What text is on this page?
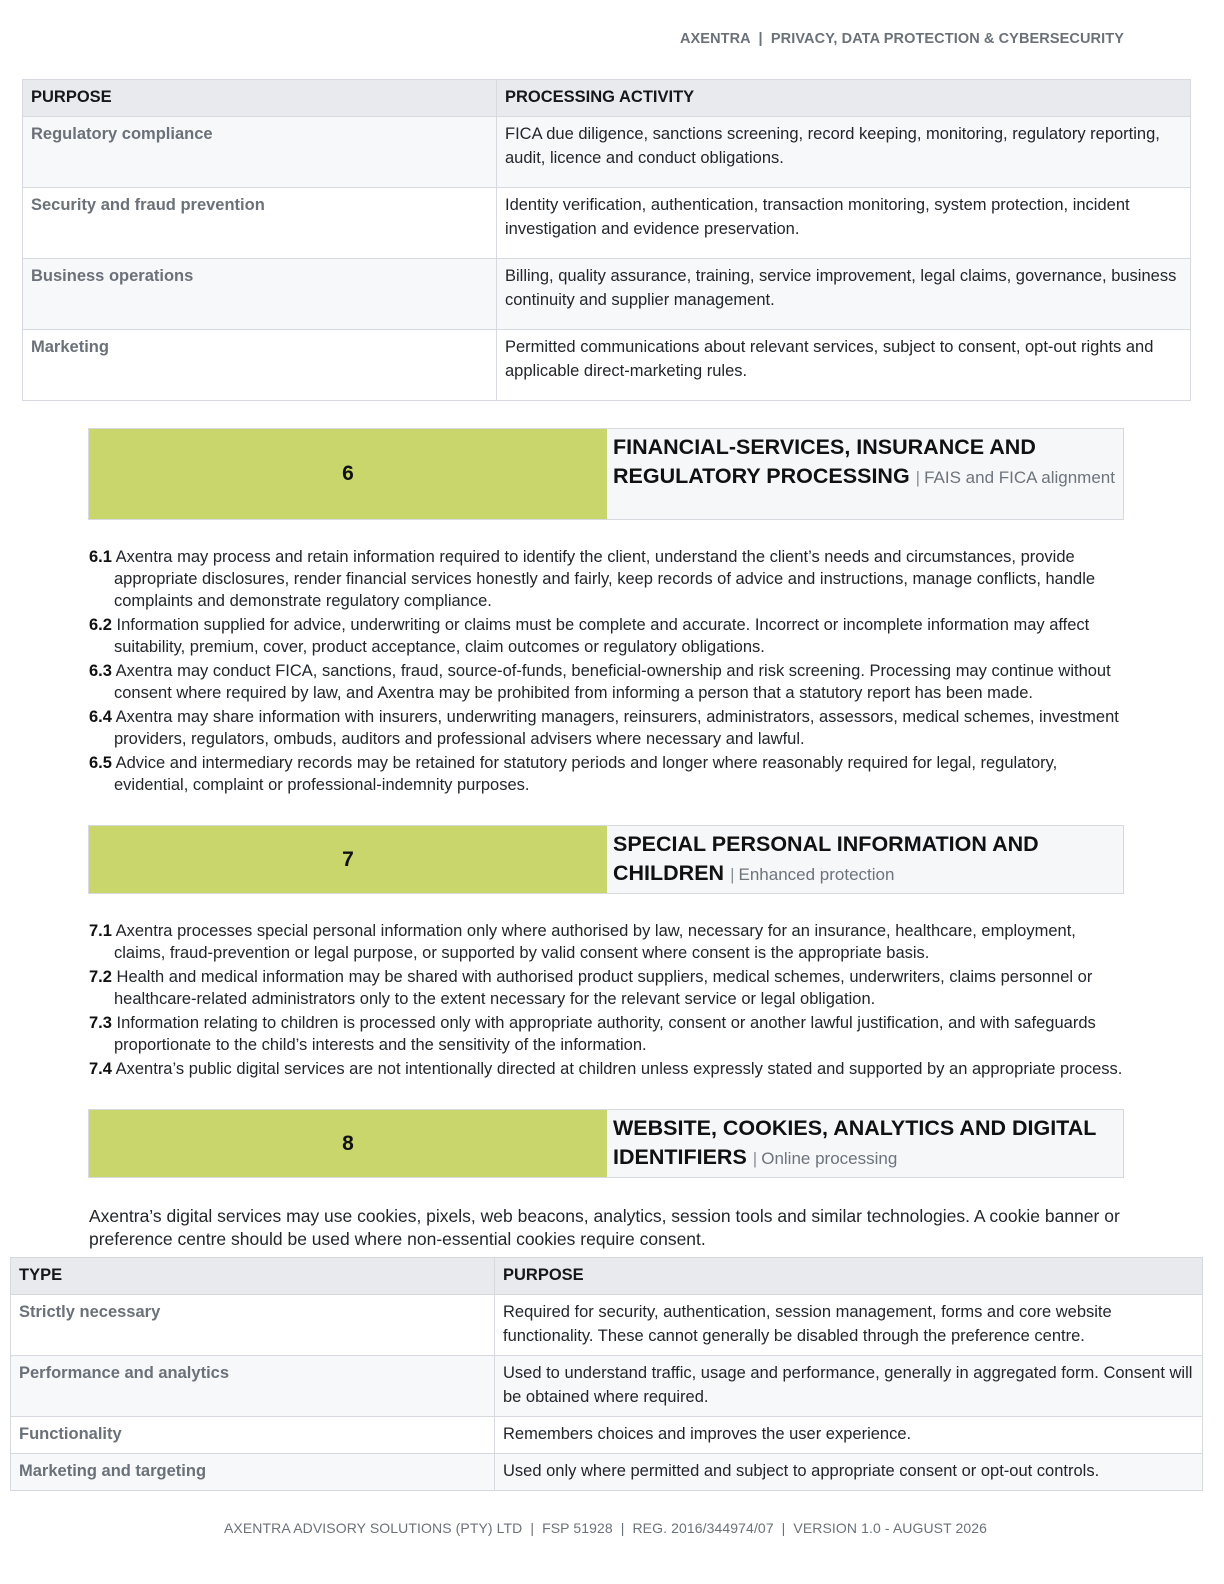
AXENTRA  |  PRIVACY, DATA PROTECTION & CYBERSECURITY
PURPOSE	PROCESSING ACTIVITY
Regulatory compliance	FICA due diligence, sanctions screening, record keeping, monitoring, regulatory reporting, audit, licence and conduct obligations.
Security and fraud prevention	Identity verification, authentication, transaction monitoring, system protection, incident investigation and evidence preservation.
Business operations	Billing, quality assurance, training, service improvement, legal claims, governance, business continuity and supplier management.
Marketing	Permitted communications about relevant services, subject to consent, opt-out rights and applicable direct-marketing rules.
6
FINANCIAL-SERVICES, INSURANCE AND REGULATORY PROCESSING | FAIS and FICA alignment
6.1 Axentra may process and retain information required to identify the client, understand the client’s needs and circumstances, provide appropriate disclosures, render financial services honestly and fairly, keep records of advice and instructions, manage conflicts, handle complaints and demonstrate regulatory compliance.
6.2 Information supplied for advice, underwriting or claims must be complete and accurate. Incorrect or incomplete information may affect suitability, premium, cover, product acceptance, claim outcomes or regulatory obligations.
6.3 Axentra may conduct FICA, sanctions, fraud, source-of-funds, beneficial-ownership and risk screening. Processing may continue without consent where required by law, and Axentra may be prohibited from informing a person that a statutory report has been made.
6.4 Axentra may share information with insurers, underwriting managers, reinsurers, administrators, assessors, medical schemes, investment providers, regulators, ombuds, auditors and professional advisers where necessary and lawful.
6.5 Advice and intermediary records may be retained for statutory periods and longer where reasonably required for legal, regulatory, evidential, complaint or professional-indemnity purposes.
7
SPECIAL PERSONAL INFORMATION AND CHILDREN | Enhanced protection
7.1 Axentra processes special personal information only where authorised by law, necessary for an insurance, healthcare, employment, claims, fraud-prevention or legal purpose, or supported by valid consent where consent is the appropriate basis.
7.2 Health and medical information may be shared with authorised product suppliers, medical schemes, underwriters, claims personnel or healthcare-related administrators only to the extent necessary for the relevant service or legal obligation.
7.3 Information relating to children is processed only with appropriate authority, consent or another lawful justification, and with safeguards proportionate to the child’s interests and the sensitivity of the information.
7.4 Axentra’s public digital services are not intentionally directed at children unless expressly stated and supported by an appropriate process.
8
WEBSITE, COOKIES, ANALYTICS AND DIGITAL IDENTIFIERS | Online processing
Axentra’s digital services may use cookies, pixels, web beacons, analytics, session tools and similar technologies. A cookie banner or preference centre should be used where non-essential cookies require consent.
TYPE	PURPOSE
Strictly necessary	Required for security, authentication, session management, forms and core website functionality. These cannot generally be disabled through the preference centre.
Performance and analytics	Used to understand traffic, usage and performance, generally in aggregated form. Consent will be obtained where required.
Functionality	Remembers choices and improves the user experience.
Marketing and targeting	Used only where permitted and subject to appropriate consent or opt-out controls.
AXENTRA ADVISORY SOLUTIONS (PTY) LTD  |  FSP 51928  |  REG. 2016/344974/07  |  VERSION 1.0 - AUGUST 2026
